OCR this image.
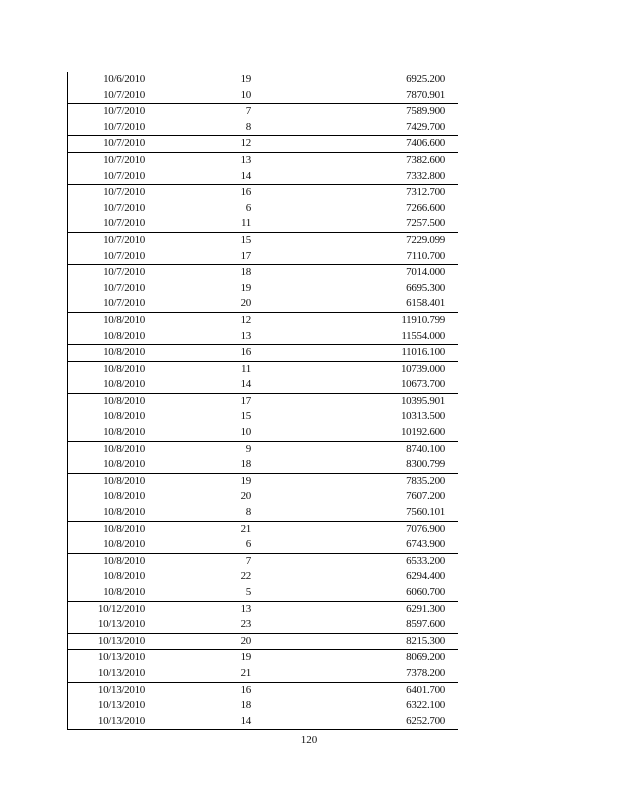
10/6/2010	19	6925.200
10/7/2010	10	7870.901
10/7/2010	7	7589.900
10/7/2010	8	7429.700
10/7/2010	12	7406.600
10/7/2010	13	7382.600
10/7/2010	14	7332.800
10/7/2010	16	7312.700
10/7/2010	6	7266.600
10/7/2010	11	7257.500
10/7/2010	15	7229.099
10/7/2010	17	7110.700
10/7/2010	18	7014.000
10/7/2010	19	6695.300
10/7/2010	20	6158.401
10/8/2010	12	11910.799
10/8/2010	13	11554.000
10/8/2010	16	11016.100
10/8/2010	11	10739.000
10/8/2010	14	10673.700
10/8/2010	17	10395.901
10/8/2010	15	10313.500
10/8/2010	10	10192.600
10/8/2010	9	8740.100
10/8/2010	18	8300.799
10/8/2010	19	7835.200
10/8/2010	20	7607.200
10/8/2010	8	7560.101
10/8/2010	21	7076.900
10/8/2010	6	6743.900
10/8/2010	7	6533.200
10/8/2010	22	6294.400
10/8/2010	5	6060.700
10/12/2010	13	6291.300
10/13/2010	23	8597.600
10/13/2010	20	8215.300
10/13/2010	19	8069.200
10/13/2010	21	7378.200
10/13/2010	16	6401.700
10/13/2010	18	6322.100
10/13/2010	14	6252.700
120
